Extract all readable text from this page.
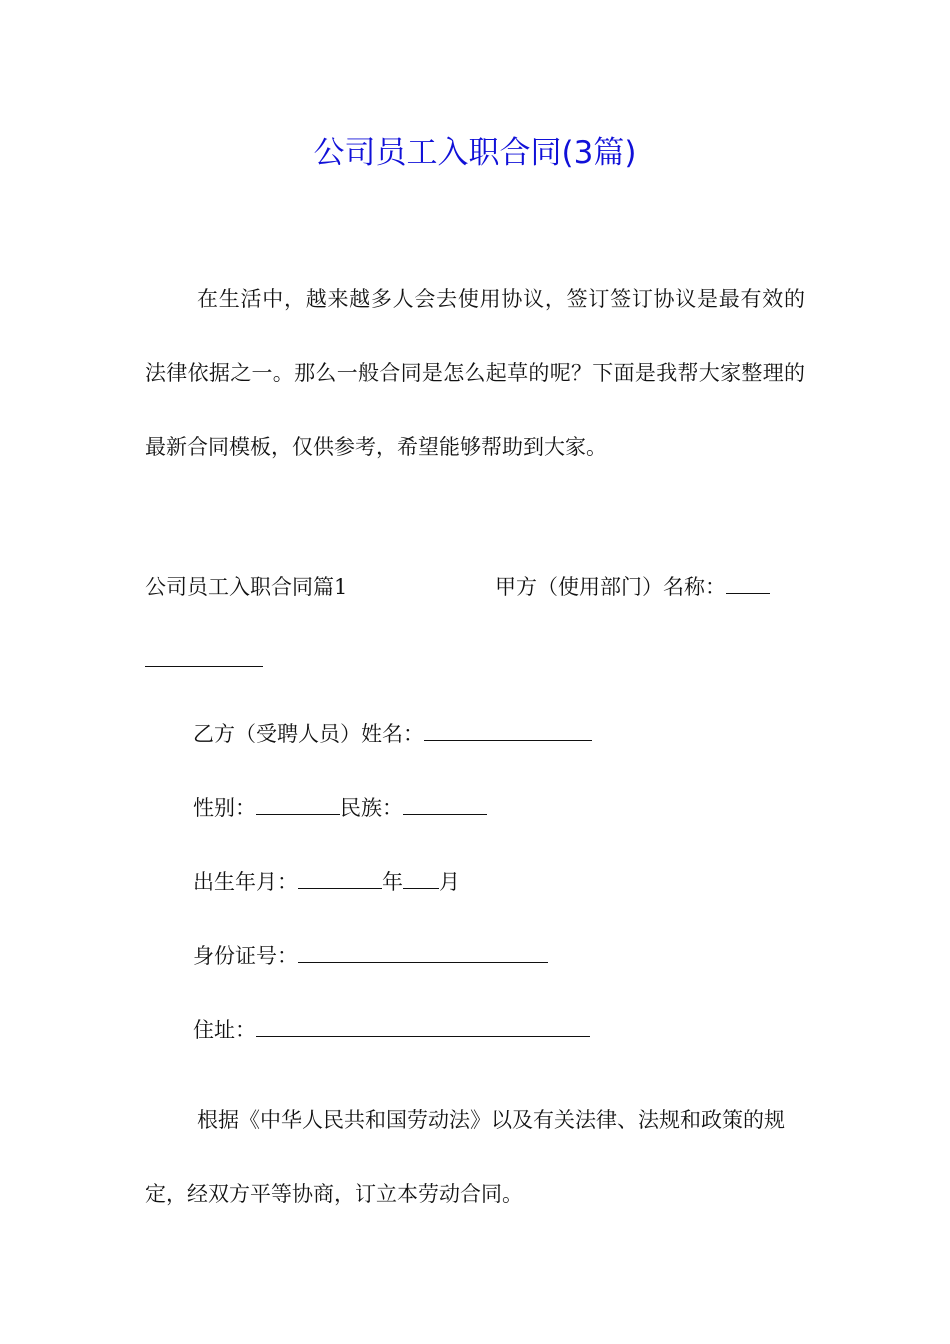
公司员工入职合同(3篇)
在生活中，越来越多人会去使用协议，签订签订协议是最有效的法律依据之一。那么一般合同是怎么起草的呢？下面是我帮大家整理的最新合同模板，仅供参考，希望能够帮助到大家。
公司员工入职合同篇1	甲方（使用部门）名称：
乙方（受聘人员）姓名：
性别：	民族：
出生年月：	年 月
身份证号：
住址：
根据《中华人民共和国劳动法》以及有关法律、法规和政策的规定，经双方平等协商，订立本劳动合同。
